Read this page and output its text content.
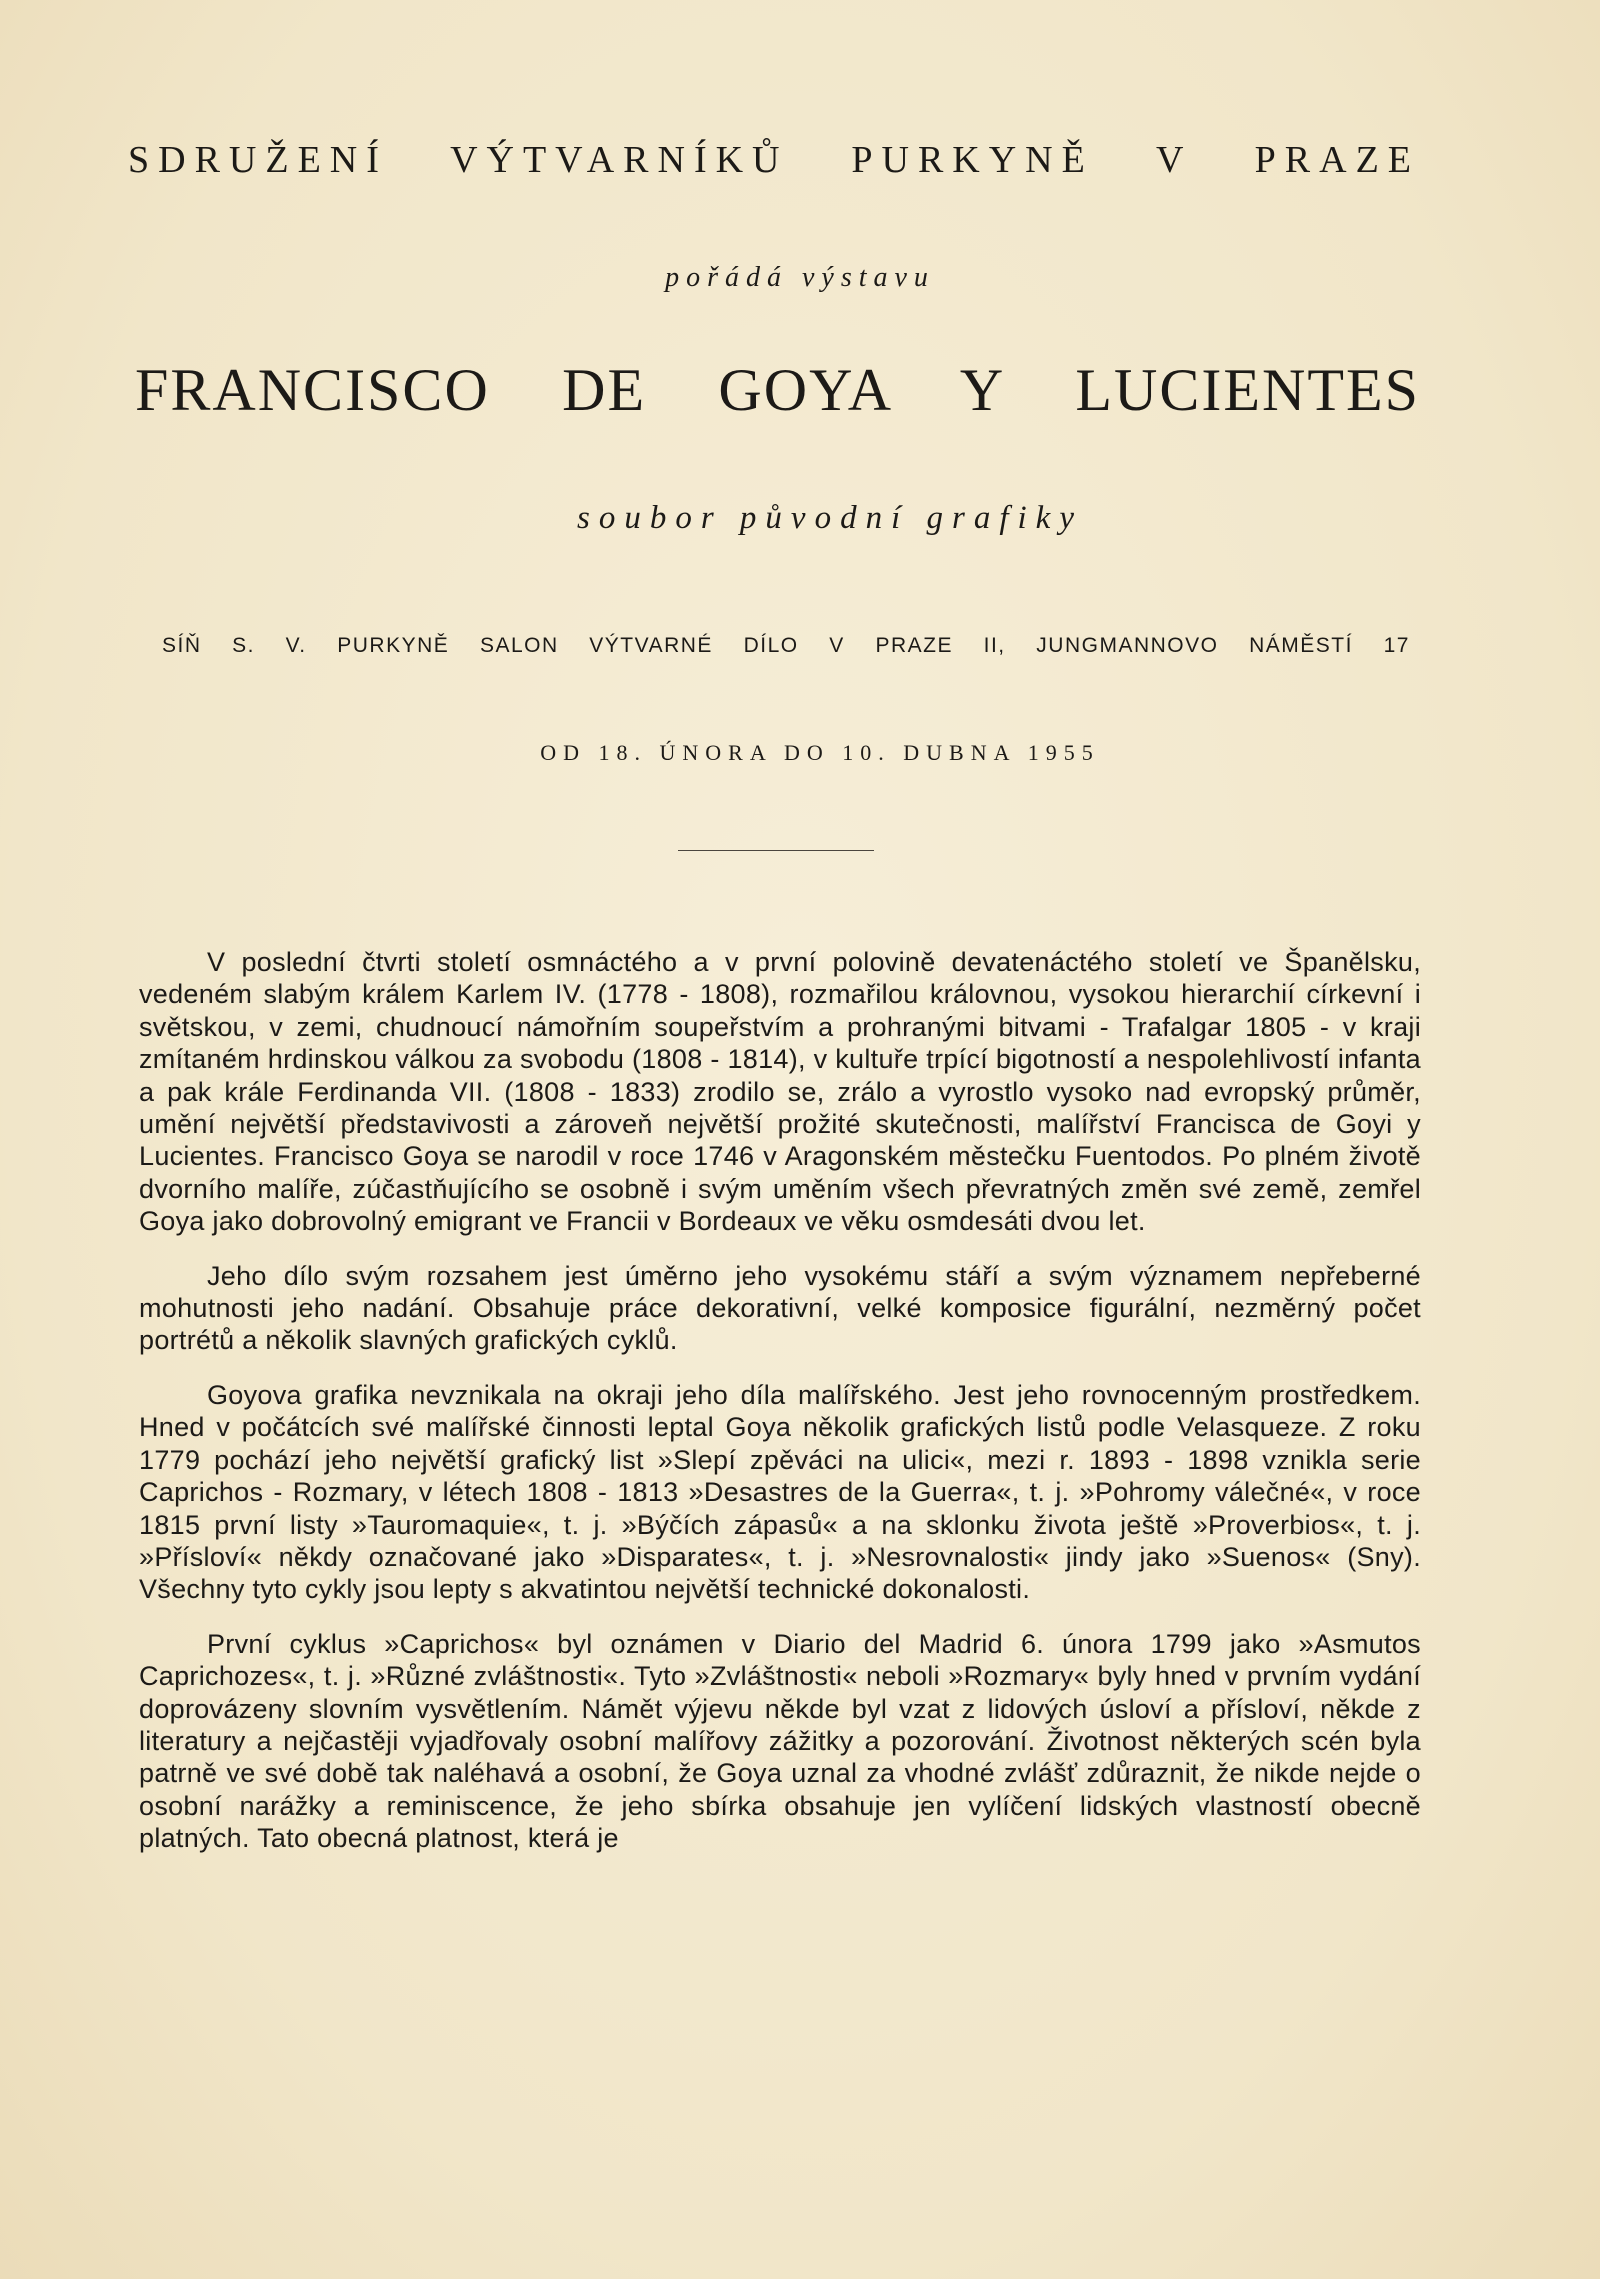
SDRUŽENÍ VÝTVARNÍKŮ PURKYNĚ V PRAZE
pořádá výstavu
FRANCISCO DE GOYA Y LUCIENTES
soubor původní grafiky
SÍŇ S. V. PURKYNĚ SALON VÝTVARNÉ DÍLO V PRAZE II, JUNGMANNOVO NÁMĚSTÍ 17
OD 18. ÚNORA DO 10. DUBNA 1955

V poslední čtvrti století osmnáctého a v první polovině devatenáctého století ve Španělsku, vedeném slabým králem Karlem IV. (1778 - 1808), rozmařilou královnou, vysokou hierarchií církevní i světskou, v zemi, chudnoucí námořním soupeřstvím a prohranými bitvami - Trafalgar 1805 - v kraji zmítaném hrdinskou válkou za svobodu (1808 - 1814), v kultuře trpící bigotností a nespolehlivostí infanta a pak krále Ferdinanda VII. (1808 - 1833) zrodilo se, zrálo a vyrostlo vysoko nad evropský průměr, umění největší představivosti a zároveň největší prožité skutečnosti, malířství Francisca de Goyi y Lucientes. Francisco Goya se narodil v roce 1746 v Aragonském městečku Fuentodos. Po plném životě dvorního malíře, zúčastňujícího se osobně i svým uměním všech převratných změn své země, zemřel Goya jako dobrovolný emigrant ve Francii v Bordeaux ve věku osmdesáti dvou let.

Jeho dílo svým rozsahem jest úměrno jeho vysokému stáří a svým významem nepřeberné mohutnosti jeho nadání. Obsahuje práce dekorativní, velké komposice figurální, nezměrný počet portrétů a několik slavných grafických cyklů.

Goyova grafika nevznikala na okraji jeho díla malířského. Jest jeho rovnocenným prostředkem. Hned v počátcích své malířské činnosti leptal Goya několik grafických listů podle Velasqueze. Z roku 1779 pochází jeho největší grafický list »Slepí zpěváci na ulici«, mezi r. 1893 - 1898 vznikla serie Caprichos - Rozmary, v létech 1808 - 1813 »Desastres de la Guerra«, t. j. »Pohromy válečné«, v roce 1815 první listy »Tauromaquie«, t. j. »Býčích zápasů« a na sklonku života ještě »Proverbios«, t. j. »Přísloví« někdy označované jako »Disparates«, t. j. »Nesrovnalosti« jindy jako »Suenos« (Sny). Všechny tyto cykly jsou lepty s akvatintou největší technické dokonalosti.

První cyklus »Caprichos« byl oznámen v Diario del Madrid 6. února 1799 jako »Asmutos Caprichozes«, t. j. »Různé zvláštnosti«. Tyto »Zvláštnosti« neboli »Rozmary« byly hned v prvním vydání doprovázeny slovním vysvětlením. Námět výjevu někde byl vzat z lidových úsloví a přísloví, někde z literatury a nejčastěji vyjadřovaly osobní malířovy zážitky a pozorování. Životnost některých scén byla patrně ve své době tak naléhavá a osobní, že Goya uznal za vhodné zvlášť zdůraznit, že nikde nejde o osobní narážky a reminiscence, že jeho sbírka obsahuje jen vylíčení lidských vlastností obecně platných. Tato obecná platnost, která je
